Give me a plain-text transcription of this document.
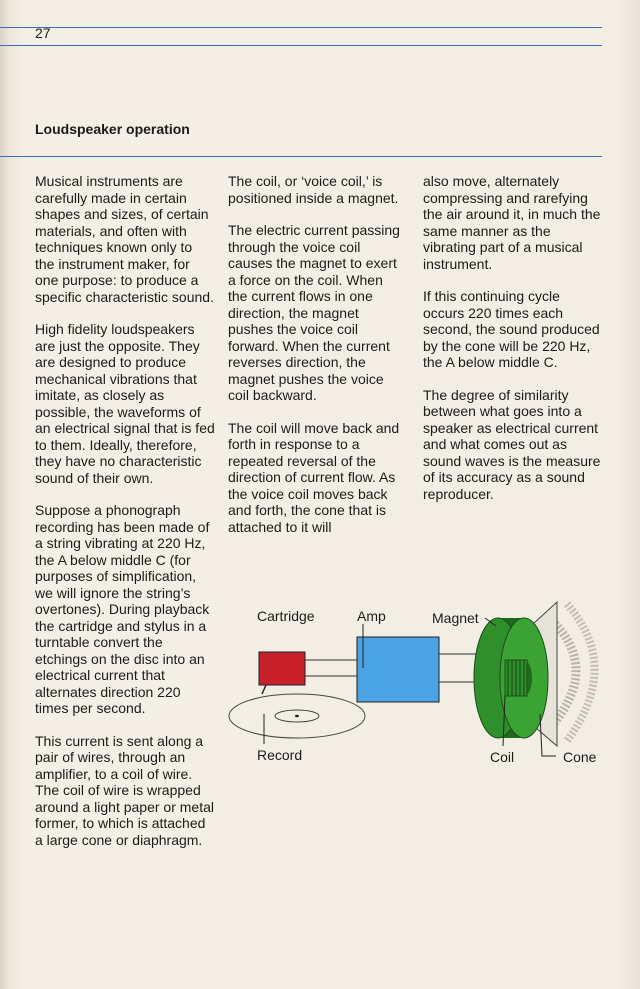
27
Loudspeaker operation

Musical instruments are carefully made in certain shapes and sizes, of certain materials, and often with techniques known only to the instrument maker, for one purpose: to produce a specific characteristic sound.

High fidelity loudspeakers are just the opposite. They are designed to produce mechanical vibrations that imitate, as closely as possible, the waveforms of an electrical signal that is fed to them. Ideally, therefore, they have no characteristic sound of their own.

Suppose a phonograph recording has been made of a string vibrating at 220 Hz, the A below middle C (for purposes of simplification, we will ignore the string’s overtones). During playback the cartridge and stylus in a turntable convert the etchings on the disc into an electrical current that alternates direction 220 times per second.

This current is sent along a pair of wires, through an amplifier, to a coil of wire. The coil of wire is wrapped around a light paper or metal former, to which is attached a large cone or diaphragm.

The coil, or ‘voice coil,’ is positioned inside a magnet.

The electric current passing through the voice coil causes the magnet to exert a force on the coil. When the current flows in one direction, the magnet pushes the voice coil forward. When the current reverses direction, the magnet pushes the voice coil backward.

The coil will move back and forth in response to a repeated reversal of the direction of current flow. As the voice coil moves back and forth, the cone that is attached to it will

also move, alternately compressing and rarefying the air around it, in much the same manner as the vibrating part of a musical instrument.

If this continuing cycle occurs 220 times each second, the sound produced by the cone will be 220 Hz, the A below middle C.

The degree of similarity between what goes into a speaker as electrical current and what comes out as sound waves is the measure of its accuracy as a sound reproducer.

Cartridge	Amp	Magnet
Record	Coil	Cone
